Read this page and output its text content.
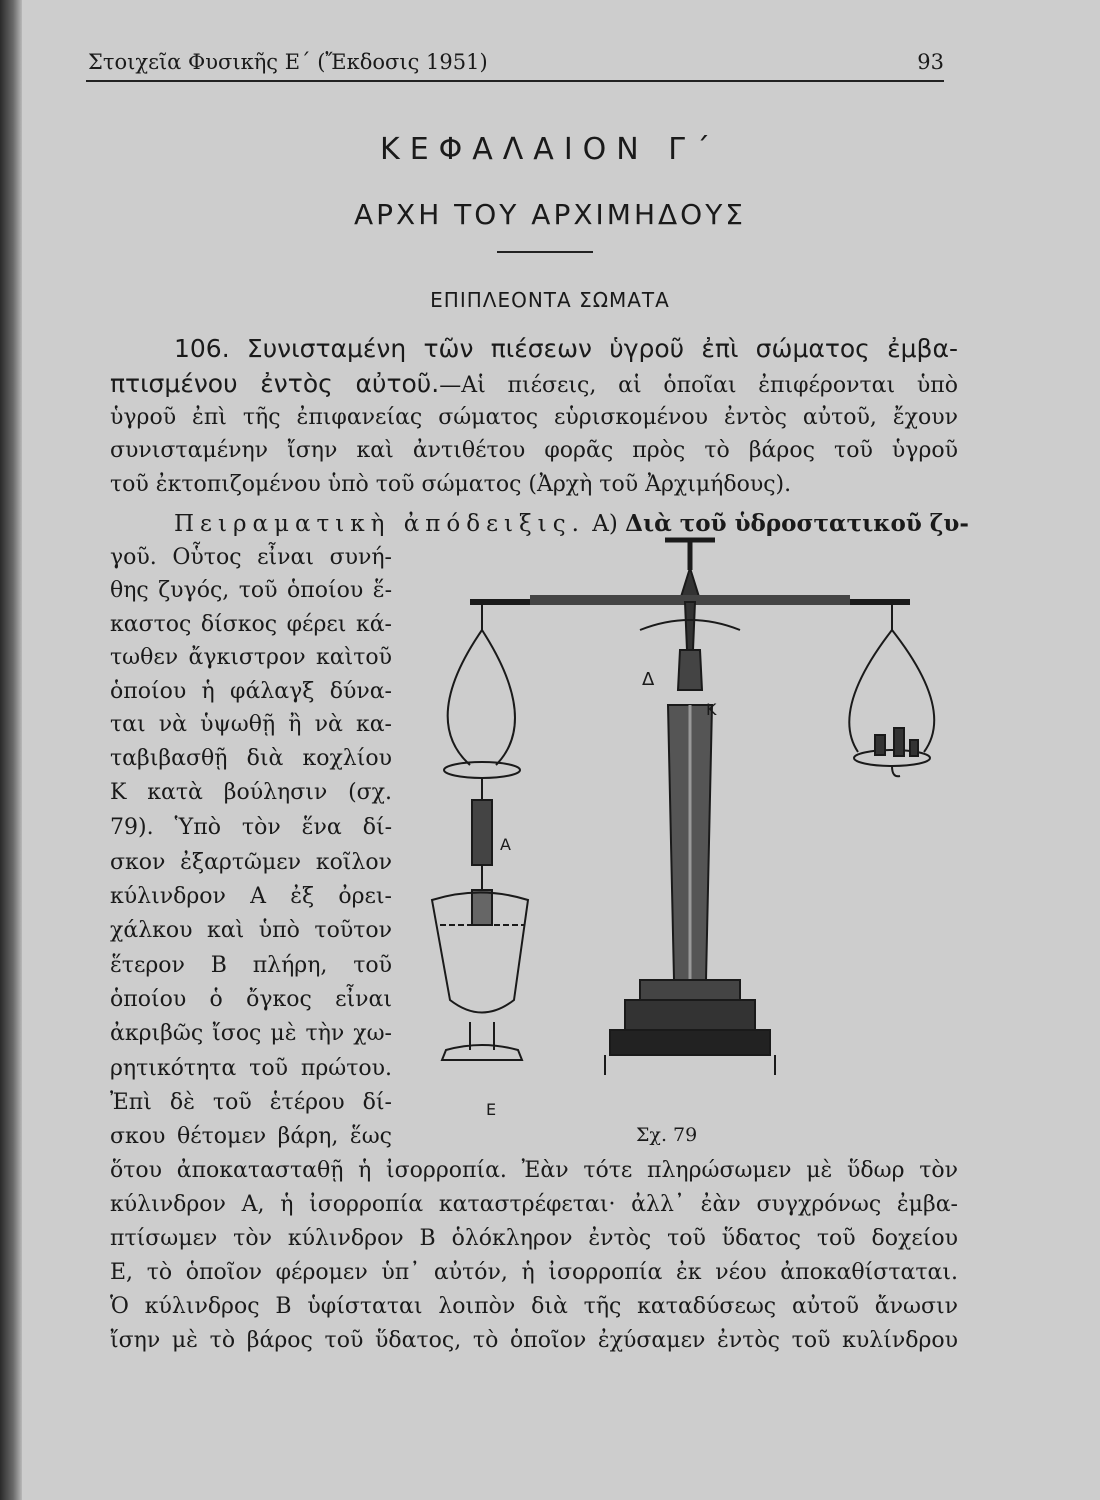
Στοιχεῖα Φυσικῆς Ε΄ (Ἔκδοσις 1951)	93
ΚΕΦΑΛΑΙΟΝ Γ΄
ΑΡΧΗ ΤΟΥ ΑΡΧΙΜΗΔΟΥΣ
ΕΠΙΠΛΕΟΝΤΑ ΣΩΜΑΤΑ
106. Συνισταμένη τῶν πιέσεων ὑγροῦ ἐπὶ σώματος ἐμβα-
πτισμένου ἐντὸς αὐτοῦ.—Αἱ πιέσεις, αἱ ὁποῖαι ἐπιφέρονται ὑπὸ
ὑγροῦ ἐπὶ τῆς ἐπιφανείας σώματος εὑρισκομένου ἐντὸς αὐτοῦ, ἔχουν
συνισταμένην ἴσην καὶ ἀντιθέτου φορᾶς πρὸς τὸ βάρος τοῦ ὑγροῦ
τοῦ ἐκτοπιζομένου ὑπὸ τοῦ σώματος (Ἀρχὴ τοῦ Ἀρχιμήδους).
Πειραματικὴ ἀπόδειξις. Α) Διὰ τοῦ ὑδροστατικοῦ ζυ-
γοῦ. Οὗτος εἶναι συνή-
θης ζυγός, τοῦ ὁποίου ἕ-
καστος δίσκος φέρει κά-
τωθεν ἄγκιστρον καὶτοῦ
ὁποίου ἡ φάλαγξ δύνα-
ται νὰ ὑψωθῇ ἢ νὰ κα-
ταβιβασθῇ διὰ κοχλίου
Κ κατὰ βούλησιν (σχ.
79). Ὑπὸ τὸν ἕνα δί-
σκον ἐξαρτῶμεν κοῖλον
κύλινδρον Α ἐξ ὀρει-
χάλκου καὶ ὑπὸ τοῦτον
ἕτερον Β πλήρη, τοῦ
ὁποίου ὁ ὄγκος εἶναι
ἀκριβῶς ἴσος μὲ τὴν χω-
ρητικότητα τοῦ πρώτου.
Ἐπὶ δὲ τοῦ ἑτέρου δί-
σκου θέτομεν βάρη, ἕως
ὅτου ἀποκατασταθῇ ἡ ἰσορροπία. Ἐὰν τότε πληρώσωμεν μὲ ὕδωρ τὸν
κύλινδρον Α, ἡ ἰσορροπία καταστρέφεται· ἀλλ᾽ ἐὰν συγχρόνως ἐμβα-
πτίσωμεν τὸν κύλινδρον Β ὁλόκληρον ἐντὸς τοῦ ὕδατος τοῦ δοχείου
Ε, τὸ ὁποῖον φέρομεν ὑπ᾽ αὐτόν, ἡ ἰσορροπία ἐκ νέου ἀποκαθίσταται.
Ὁ κύλινδρος Β ὑφίσταται λοιπὸν διὰ τῆς καταδύσεως αὐτοῦ ἄνωσιν
ἴσην μὲ τὸ βάρος τοῦ ὕδατος, τὸ ὁποῖον ἐχύσαμεν ἐντὸς τοῦ κυλίνδρου
Δ
Κ
Α
Ε
Σχ. 79
